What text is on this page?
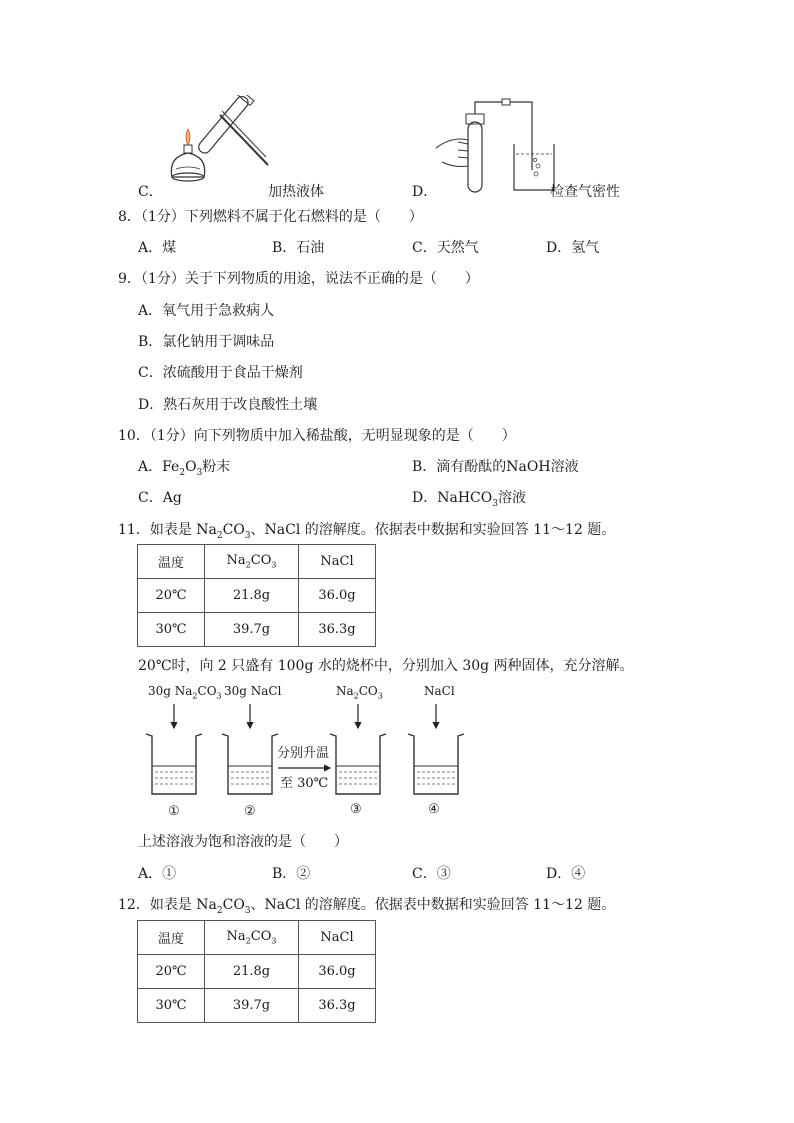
C．	加热液体	D．	检查气密性
8．（1分）下列燃料不属于化石燃料的是（　　）
A．煤	B．石油	C．天然气	D．氢气
9．（1分）关于下列物质的用途，说法不正确的是（　　）
A．氧气用于急救病人
B．氯化钠用于调味品
C．浓硫酸用于食品干燥剂
D．熟石灰用于改良酸性土壤
10．（1分）向下列物质中加入稀盐酸，无明显现象的是（　　）
A．$Fe_2O_3$粉末	B．滴有酚酞的NaOH溶液
C．Ag	D．NaHCO$_3$溶液
11．如表是 $Na_2CO_3$、NaCl 的溶解度。依据表中数据和实验回答 11～12 题。
温度	$Na_2CO_3$	NaCl
20℃	21.8g	36.0g
30℃	39.7g	36.3g
20℃时，向 2 只盛有 100g 水的烧杯中，分别加入 30g 两种固体，充分溶解。
30g $Na_2CO_3$ 30g NaCl	$Na_2CO_3$	NaCl
分别升温
至 30℃
①	②	③	④
上述溶液为饱和溶液的是（　　）
A．①	B．②	C．③	D．④
12．如表是 $Na_2CO_3$、NaCl 的溶解度。依据表中数据和实验回答 11～12 题。
温度	$Na_2CO_3$	NaCl
20℃	21.8g	36.0g
30℃	39.7g	36.3g
